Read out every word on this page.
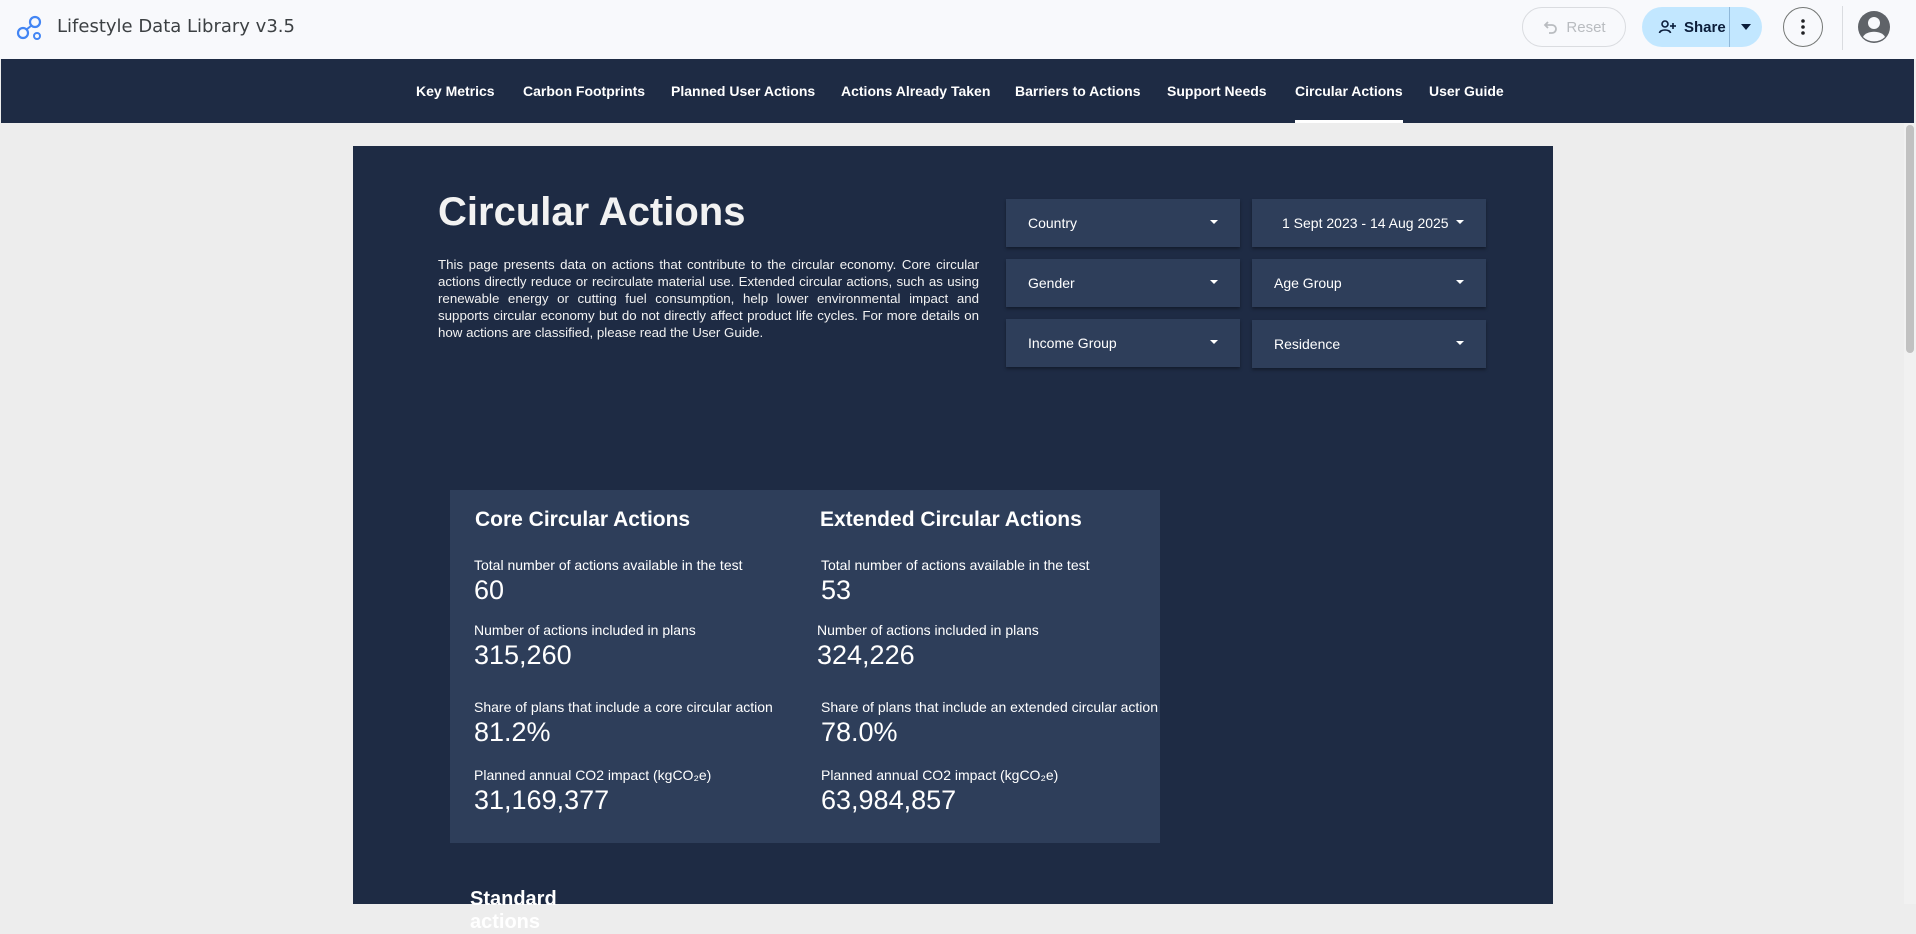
Lifestyle Data Library v3.5	Reset	Share
Key Metrics Carbon Footprints Planned User Actions Actions Already Taken Barriers to Actions Support Needs Circular Actions User Guide
Circular Actions
This page presents data on actions that contribute to the circular economy. Core circular actions directly reduce or recirculate material use. Extended circular actions, such as using renewable energy or cutting fuel consumption, help lower environmental impact and supports circular economy but do not directly affect product life cycles. For more details on how actions are classified, please read the User Guide.
Country	1 Sept 2023 - 14 Aug 2025
Gender	Age Group
Income Group	Residence
Core Circular Actions
Total number of actions available in the test
60
Number of actions included in plans
315,260
Share of plans that include a core circular action
81.2%
Planned annual CO2 impact (kgCO₂e)
31,169,377
Extended Circular Actions
Total number of actions available in the test
53
Number of actions included in plans
324,226
Share of plans that include an extended circular action
78.0%
Planned annual CO2 impact (kgCO₂e)
63,984,857
Standard actions
